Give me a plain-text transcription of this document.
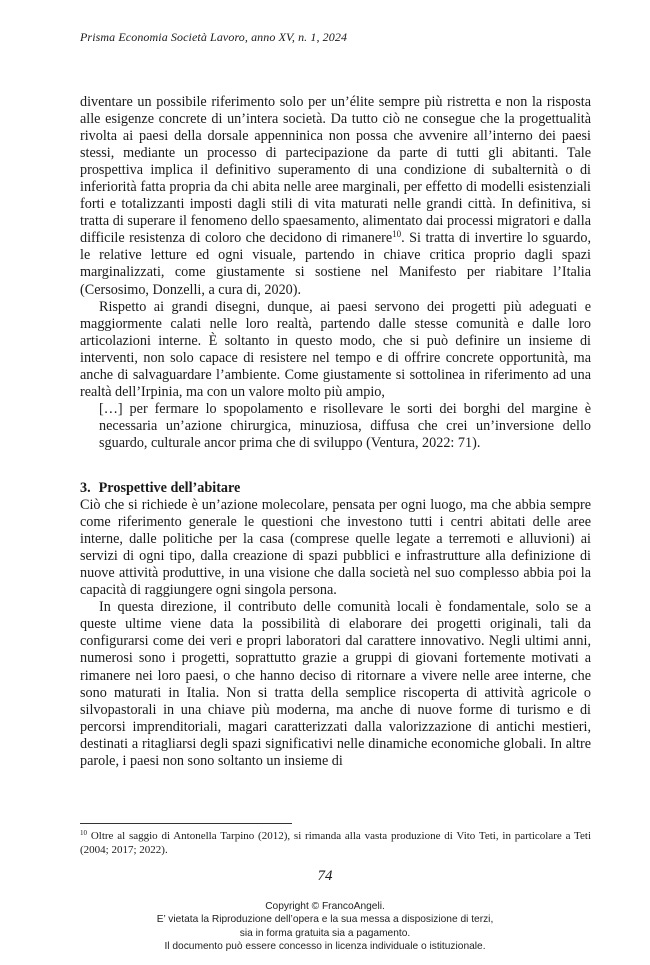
Prisma Economia Società Lavoro, anno XV, n. 1, 2024

diventare un possibile riferimento solo per un’élite sempre più ristretta e non la risposta alle esigenze concrete di un’intera società. Da tutto ciò ne consegue che la progettualità rivolta ai paesi della dorsale appenninica non possa che avvenire all’interno dei paesi stessi, mediante un processo di partecipazione da parte di tutti gli abitanti. Tale prospettiva implica il definitivo superamento di una condizione di subalternità o di inferiorità fatta propria da chi abita nelle aree marginali, per effetto di modelli esistenziali forti e totalizzanti imposti dagli stili di vita maturati nelle grandi città. In definitiva, si tratta di superare il fenomeno dello spaesamento, alimentato dai processi migratori e dalla difficile resistenza di coloro che decidono di rimanere$^{10}$. Si tratta di invertire lo sguardo, le relative letture ed ogni visuale, partendo in chiave critica proprio dagli spazi marginalizzati, come giustamente si sostiene nel Manifesto per riabitare l’Italia (Cersosimo, Donzelli, a cura di, 2020).

Rispetto ai grandi disegni, dunque, ai paesi servono dei progetti più adeguati e maggiormente calati nelle loro realtà, partendo dalle stesse comunità e dalle loro articolazioni interne. È soltanto in questo modo, che si può definire un insieme di interventi, non solo capace di resistere nel tempo e di offrire concrete opportunità, ma anche di salvaguardare l’ambiente. Come giustamente si sottolinea in riferimento ad una realtà dell’Irpinia, ma con un valore molto più ampio,

[…] per fermare lo spopolamento e risollevare le sorti dei borghi del margine è necessaria un’azione chirurgica, minuziosa, diffusa che crei un’inversione dello sguardo, culturale ancor prima che di sviluppo (Ventura, 2022: 71).

3. Prospettive dell’abitare

Ciò che si richiede è un’azione molecolare, pensata per ogni luogo, ma che abbia sempre come riferimento generale le questioni che investono tutti i centri abitati delle aree interne, dalle politiche per la casa (comprese quelle legate a terremoti e alluvioni) ai servizi di ogni tipo, dalla creazione di spazi pubblici e infrastrutture alla definizione di nuove attività produttive, in una visione che dalla società nel suo complesso abbia poi la capacità di raggiungere ogni singola persona.

In questa direzione, il contributo delle comunità locali è fondamentale, solo se a queste ultime viene data la possibilità di elaborare dei progetti originali, tali da configurarsi come dei veri e propri laboratori dal carattere innovativo. Negli ultimi anni, numerosi sono i progetti, soprattutto grazie a gruppi di giovani fortemente motivati a rimanere nei loro paesi, o che hanno deciso di ritornare a vivere nelle aree interne, che sono maturati in Italia. Non si tratta della semplice riscoperta di attività agricole o silvopastorali in una chiave più moderna, ma anche di nuove forme di turismo e di percorsi imprenditoriali, magari caratterizzati dalla valorizzazione di antichi mestieri, destinati a ritagliarsi degli spazi significativi nelle dinamiche economiche globali. In altre parole, i paesi non sono soltanto un insieme di

$^{10}$ Oltre al saggio di Antonella Tarpino (2012), si rimanda alla vasta produzione di Vito Teti, in particolare a Teti (2004; 2017; 2022).
74
Copyright © FrancoAngeli.
E’ vietata la Riproduzione dell’opera e la sua messa a disposizione di terzi,
sia in forma gratuita sia a pagamento.
Il documento può essere concesso in licenza individuale o istituzionale.
